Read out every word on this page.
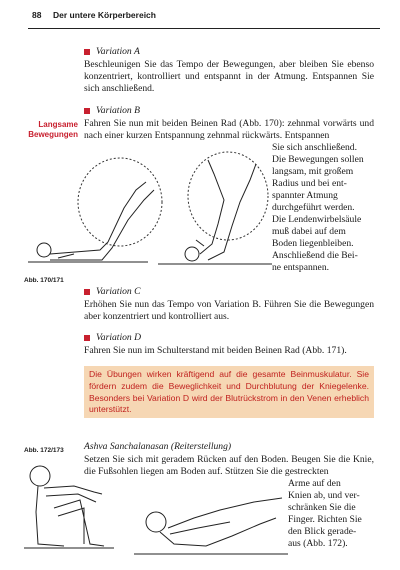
88 Der untere Körperbereich
Variation A
Beschleunigen Sie das Tempo der Bewegungen, aber bleiben Sie ebenso konzentriert, kontrolliert und entspannt in der Atmung. Entspannen Sie sich anschließend.
Variation B
Langsame
Bewegungen
Fahren Sie nun mit beiden Beinen Rad (Abb. 170): zehnmal vorwärts und nach einer kurzen Entspannung zehnmal rückwärts. Entspannen

Sie sich anschließend.

Die Bewegungen sollen

langsam, mit großem

Radius und bei ent-

spannter Atmung

durchgeführt werden.

Die Lendenwirbelsäule

muß dabei auf dem

Boden liegenbleiben.

Anschließend die Bei-

ne entspannen.

Abb. 170/171
Variation C
Erhöhen Sie nun das Tempo von Variation B. Führen Sie die Bewegungen aber konzentriert und kontrolliert aus.
Variation D
Fahren Sie nun im Schulterstand mit beiden Beinen Rad (Abb. 171).
Die Übungen wirken kräftigend auf die gesamte Beinmuskulatur. Sie fördern zudem die Beweglichkeit und Durchblutung der Kniegelenke. Besonders bei Variation D wird der Blutrückstrom in den Venen erheblich unterstützt.
Abb. 172/173 Ashva Sanchalanasan (Reiterstellung)
Setzen Sie sich mit geradem Rücken auf den Boden. Beugen Sie die Knie, die Fußsohlen liegen am Boden auf. Stützen Sie die gestreckten

Arme auf den

Knien ab, und ver-

schränken Sie die

Finger. Richten Sie

den Blick gerade-

aus (Abb. 172).
